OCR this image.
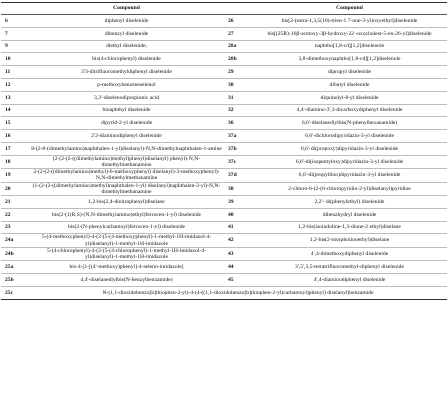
	Compound		Compound
6	diphenyl diselenide	26	bis[2-(estra-1,3,5(10)-trien-1 7-one-3-yl)oxyethyl]diselenide
7	dibenzyl diselenide	27	bis[(25R)-16β-acetoxy-3β-hydroxy-22 -oxocholest-5-en-26-yl]diselenide
9	diethyl diselenide,	28a	naphtho[1,8-cd][1,2]diselenole
10	bis(4-chlorophenyl) diselenide	28b	3,8-dimethoxynaphtho[1,8-cd][1,2]diselenole
11	3'3-ditrifluoromethyldiphenyl diselenide	29	dipropyl diselenide
12	p-methoxybenzeneselenol	30	dibutyl diselenide
13	3,3'-diselenodipropionic acid	31	diquinolyl-8-yl diselenide
14	binaphthyl diselenide	32	4,4'-diamino-3',3-dicarboxydiphenyl diselenide
15	dipyrid-2-yl diselenide	36	6,6'-diselanediylbis(N-phenylhexanamide)
16	2'2-diaminodiphenyl diselenide	37a	6,6'-dichlorodipyridazin-3-yl diselenide
17	8-(2-8-(dimethylamino)naphthalen-1-yl)diselanyl)-N,N-dimethylnaphthalen-1-amine	37b	6,6'-di(propoxy)dipyridazin-3-yl diselenide
18	(2-(2-(2-((dimethylamino)methyl)phenyl)diselanyl) phenyl)-N,N-dimethylmethanamine	37c	6,6'-di(isopentyloxy)dipyridazin-3-yl diselenide
19	2-(2-(2-((dimethylamino)methyl)-6-methoxyphenyl) diselanyl)-3-methoxyphenyl)-N,N-dimethylmethanamine	37d	6,6'-di(propylthio)dipyridazin-3-yl diselenide
20	(1-(2-(2-((dimethylamino)methyl)naphthalen-1-yl) diselanyl)naphthalen-2-yl)-N,N-dimethylmethanamine	38	2-chloro-6-(2-(6-chloropyridin-2-yl)diselanyl)pyridine
21	1,2-bis(2,4-dinitrophenyl)diselane	39	2,2'- di(phenylethyl) diselenide
22	bis(2-(1(R,S)-(N,N-dimethylamino)ethyl)ferrocen-1-yl) diselenide	40	dibenzhydryl diselenide
23	bis(2-(N-phenylcarbamoyl)ferrocen-1-yl) diselenide	41	1,2-bis(isoindoline-1,3-dione-2 ethyl)diselane
24a	5-(4-methoxyphenyl)-4-(2-(5-(4-methoxyphenyl)-1-methyl-1H-imidazol-4-yl)diselanyl)-1-methyl-1H-imidazole	42	1,2-bis(2-morpholinoethyl)diselane
24b	5-(4-chlorophenyl)-4-(2-(5-(4-chlorophenyl)-1-methyl-1H-imidazol-4-yl)diselanyl)-1-methyl-1H-imidazole	43	4',4-dimethoxydiphenyl diselenide
25a	bis-4-[1-[(4'-methoxy)phenyl]-4-seleno-imidazole]	44	3',5',3,5-tetratrifluoromethyl-diphenyl diselenide
25b	4,4'-diselanediylbis(N-benzylbenzamide)	45	4',4-diaminodiphenyl diselenide
25c	N-(1,1-dioxidobenzo[b]thiophen-2-yl)-4-(4-((1,1-dioxidobenzo[b]thiophen-2-yl)carbamoyl)phenyl) diselanyl)benzamide		
